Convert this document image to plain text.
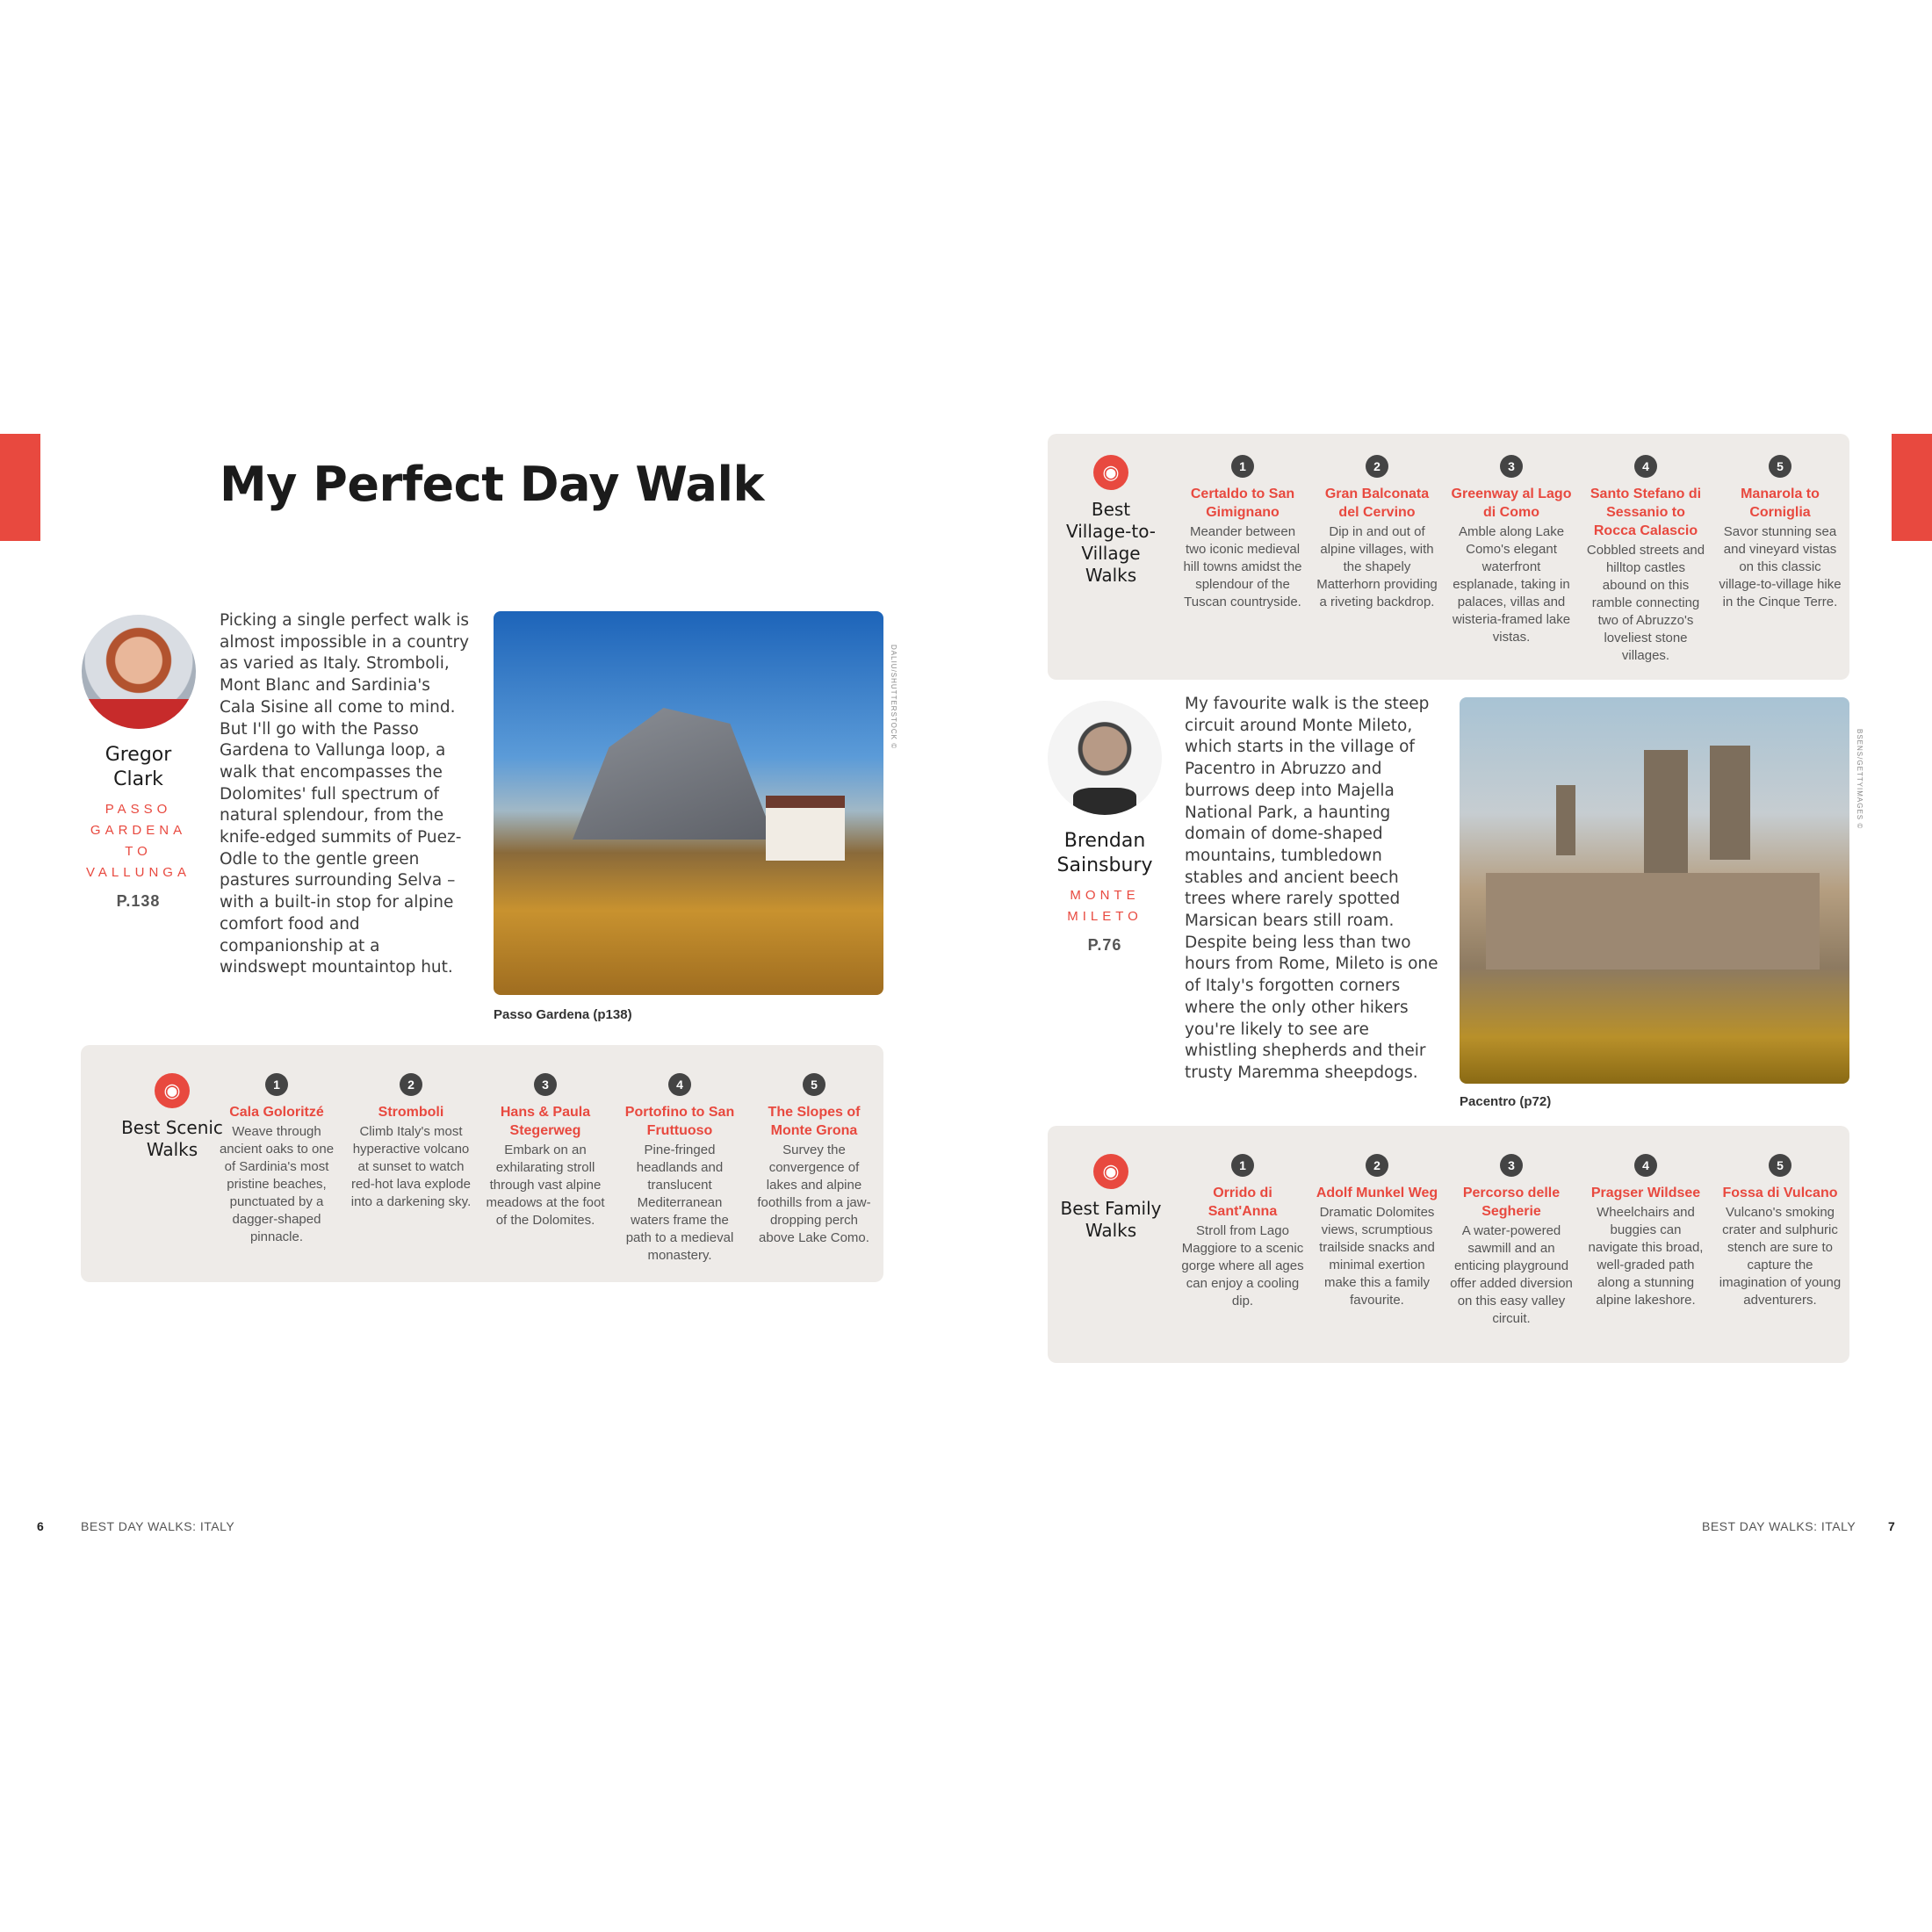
My Perfect Day Walk
Gregor Clark
PASSO GARDENA TO VALLUNGA
P.138

Picking a single perfect walk is almost impossible in a country as varied as Italy. Stromboli, Mont Blanc and Sardinia's Cala Sisine all come to mind. But I'll go with the Passo Gardena to Vallunga loop, a walk that encompasses the Dolomites' full spectrum of natural splendour, from the knife-edged summits of Puez-Odle to the gentle green pastures surrounding Selva – with a built-in stop for alpine comfort food and companionship at a windswept mountaintop hut.

DALIU/SHUTTERSTOCK ©

Passo Gardena (p138)

◉
Best Scenic Walks
1
Cala Goloritzé
Weave through ancient oaks to one of Sardinia's most pristine beaches, punctuated by a dagger-shaped pinnacle.
2
Stromboli
Climb Italy's most hyperactive volcano at sunset to watch red-hot lava explode into a darkening sky.
3
Hans & Paula Stegerweg
Embark on an exhilarating stroll through vast alpine meadows at the foot of the Dolomites.
4
Portofino to San Fruttuoso
Pine-fringed headlands and translucent Mediterranean waters frame the path to a medieval monastery.
5
The Slopes of Monte Grona
Survey the convergence of lakes and alpine foothills from a jaw-dropping perch above Lake Como.
◉
Best Village-to-Village Walks
1
Certaldo to San Gimignano
Meander between two iconic medieval hill towns amidst the splendour of the Tuscan countryside.
2
Gran Balconata del Cervino
Dip in and out of alpine villages, with the shapely Matterhorn providing a riveting backdrop.
3
Greenway al Lago di Como
Amble along Lake Como's elegant waterfront esplanade, taking in palaces, villas and wisteria-framed lake vistas.
4
Santo Stefano di Sessanio to Rocca Calascio
Cobbled streets and hilltop castles abound on this ramble connecting two of Abruzzo's loveliest stone villages.
5
Manarola to Corniglia
Savor stunning sea and vineyard vistas on this classic village-to-village hike in the Cinque Terre.
Brendan Sainsbury
MONTE MILETO
P.76

My favourite walk is the steep circuit around Monte Mileto, which starts in the village of Pacentro in Abruzzo and burrows deep into Majella National Park, a haunting domain of dome-shaped mountains, tumbledown stables and ancient beech trees where rarely spotted Marsican bears still roam. Despite being less than two hours from Rome, Mileto is one of Italy's forgotten corners where the only other hikers you're likely to see are whistling shepherds and their trusty Maremma sheepdogs.

BSENS/GETTYIMAGES ©

Pacentro (p72)

◉
Best Family Walks
1
Orrido di Sant'Anna
Stroll from Lago Maggiore to a scenic gorge where all ages can enjoy a cooling dip.
2
Adolf Munkel Weg
Dramatic Dolomites views, scrumptious trailside snacks and minimal exertion make this a family favourite.
3
Percorso delle Segherie
A water-powered sawmill and an enticing playground offer added diversion on this easy valley circuit.
4
Pragser Wildsee
Wheelchairs and buggies can navigate this broad, well-graded path along a stunning alpine lakeshore.
5
Fossa di Vulcano
Vulcano's smoking crater and sulphuric stench are sure to capture the imagination of young adventurers.
6	BEST DAY WALKS: ITALY	BEST DAY WALKS: ITALY	7
